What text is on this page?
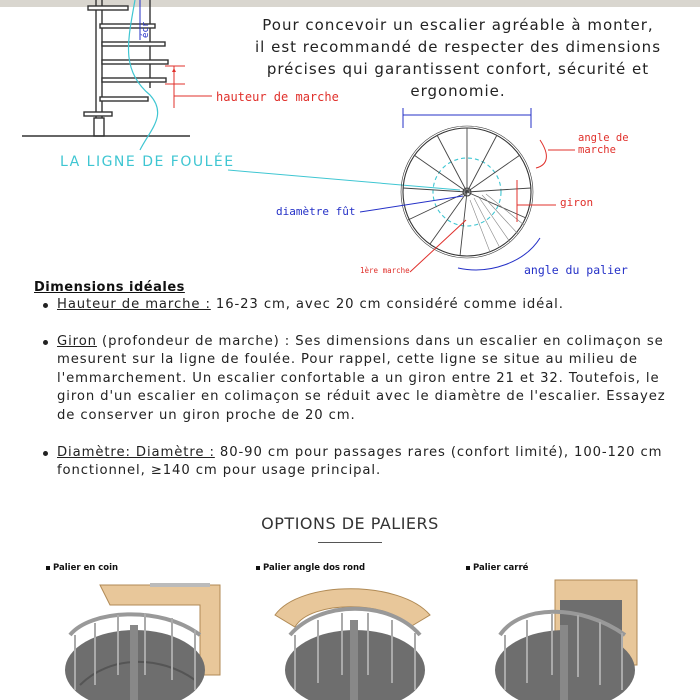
écr	Pour concevoir un escalier agréable à monter,
il est recommandé de respecter des dimensions
précises qui garantissent confort, sécurité et
ergonomie.
LA LIGNE DE FOULÉE
hauteur de marche
angle de
marche
giron
diamètre fût
1ère marche	angle du palier
Dimensions idéales
Hauteur de marche : 16-23 cm, avec 20 cm considéré comme idéal.
Giron (profondeur de marche) : Ses dimensions dans un escalier en colimaçon se mesurent sur la ligne de foulée. Pour rappel, cette ligne se situe au milieu de l'emmarchement. Un escalier confortable a un giron entre 21 et 32. Toutefois, le giron d'un escalier en colimaçon se réduit avec le diamètre de l'escalier. Essayez de conserver un giron proche de 20 cm.
Diamètre: Diamètre : 80-90 cm pour passages rares (confort limité), 100-120 cm fonctionnel, ≥140 cm pour usage principal.
OPTIONS DE PALIERS
Palier en coin	Palier angle dos rond	Palier carré
